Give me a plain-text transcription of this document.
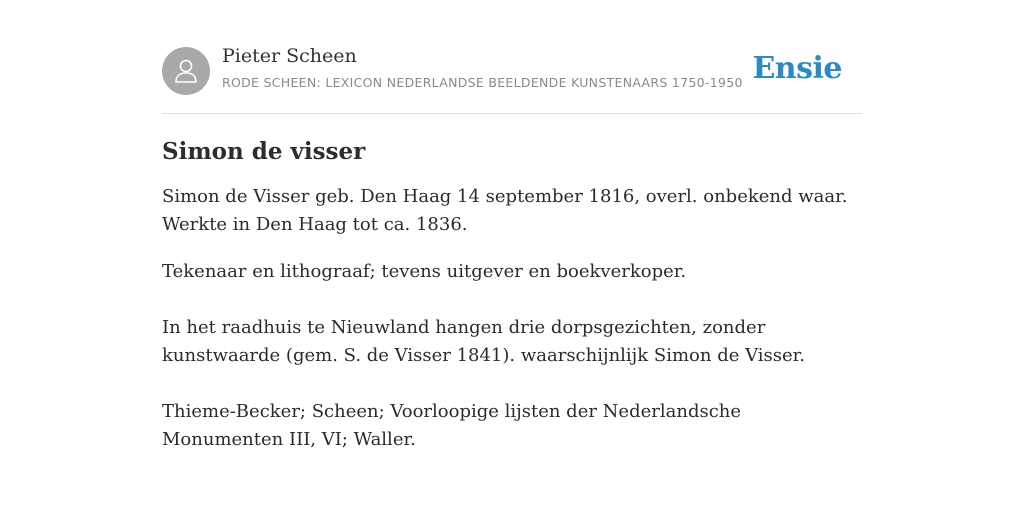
Pieter Scheen
RODE SCHEEN: LEXICON NEDERLANDSE BEELDENDE KUNSTENAARS 1750-1950 Ensie
Simon de visser

Simon de Visser geb. Den Haag 14 september 1816, overl. onbekend waar. Werkte in Den Haag tot ca. 1836.

Tekenaar en lithograaf; tevens uitgever en boekverkoper.

In het raadhuis te Nieuwland hangen drie dorpsgezichten, zonder kunstwaarde (gem. S. de Visser 1841). waarschijnlijk Simon de Visser.

Thieme-Becker; Scheen; Voorloopige lijsten der Nederlandsche Monumenten III, VI; Waller.
